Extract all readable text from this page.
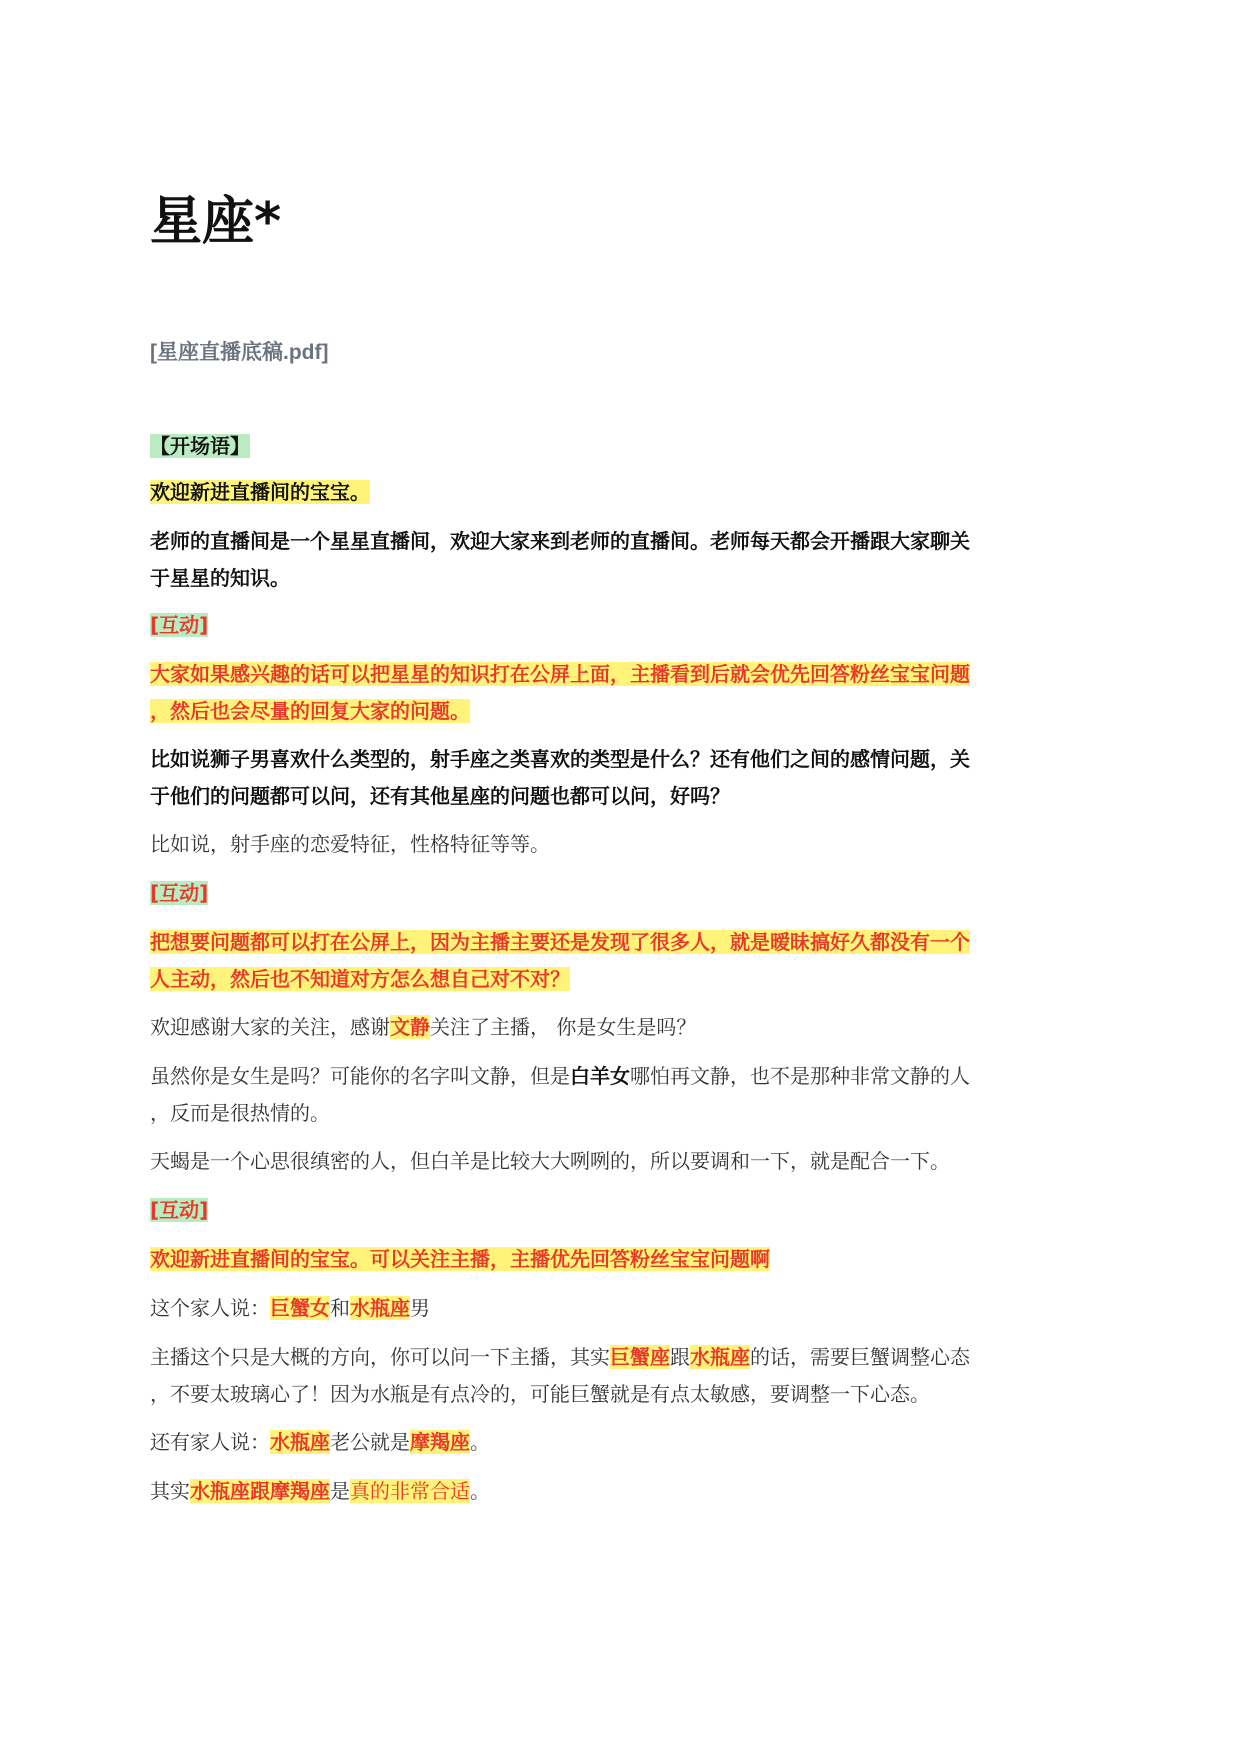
星座*
[星座直播底稿.pdf]

【开场语】

欢迎新进直播间的宝宝。

老师的直播间是一个星星直播间，欢迎大家来到老师的直播间。老师每天都会开播跟大家聊关
于星星的知识。

[互动]

大家如果感兴趣的话可以把星星的知识打在公屏上面，主播看到后就会优先回答粉丝宝宝问题
，然后也会尽量的回复大家的问题。

比如说狮子男喜欢什么类型的，射手座之类喜欢的类型是什么？还有他们之间的感情问题，关
于他们的问题都可以问，还有其他星座的问题也都可以问，好吗？

比如说，射手座的恋爱特征，性格特征等等。

[互动]

把想要问题都可以打在公屏上，因为主播主要还是发现了很多人，就是暧昧搞好久都没有一个
人主动，然后也不知道对方怎么想自己对不对？

欢迎感谢大家的关注，感谢文静关注了主播， 你是女生是吗？

虽然你是女生是吗？可能你的名字叫文静，但是白羊女哪怕再文静，也不是那种非常文静的人
，反而是很热情的。

天蝎是一个心思很缜密的人，但白羊是比较大大咧咧的，所以要调和一下，就是配合一下。

[互动]

欢迎新进直播间的宝宝。可以关注主播，主播优先回答粉丝宝宝问题啊

这个家人说：巨蟹女和水瓶座男

主播这个只是大概的方向，你可以问一下主播，其实巨蟹座跟水瓶座的话，需要巨蟹调整心态
，不要太玻璃心了！因为水瓶是有点冷的，可能巨蟹就是有点太敏感，要调整一下心态。

还有家人说：水瓶座老公就是摩羯座。

其实水瓶座跟摩羯座是真的非常合适。
